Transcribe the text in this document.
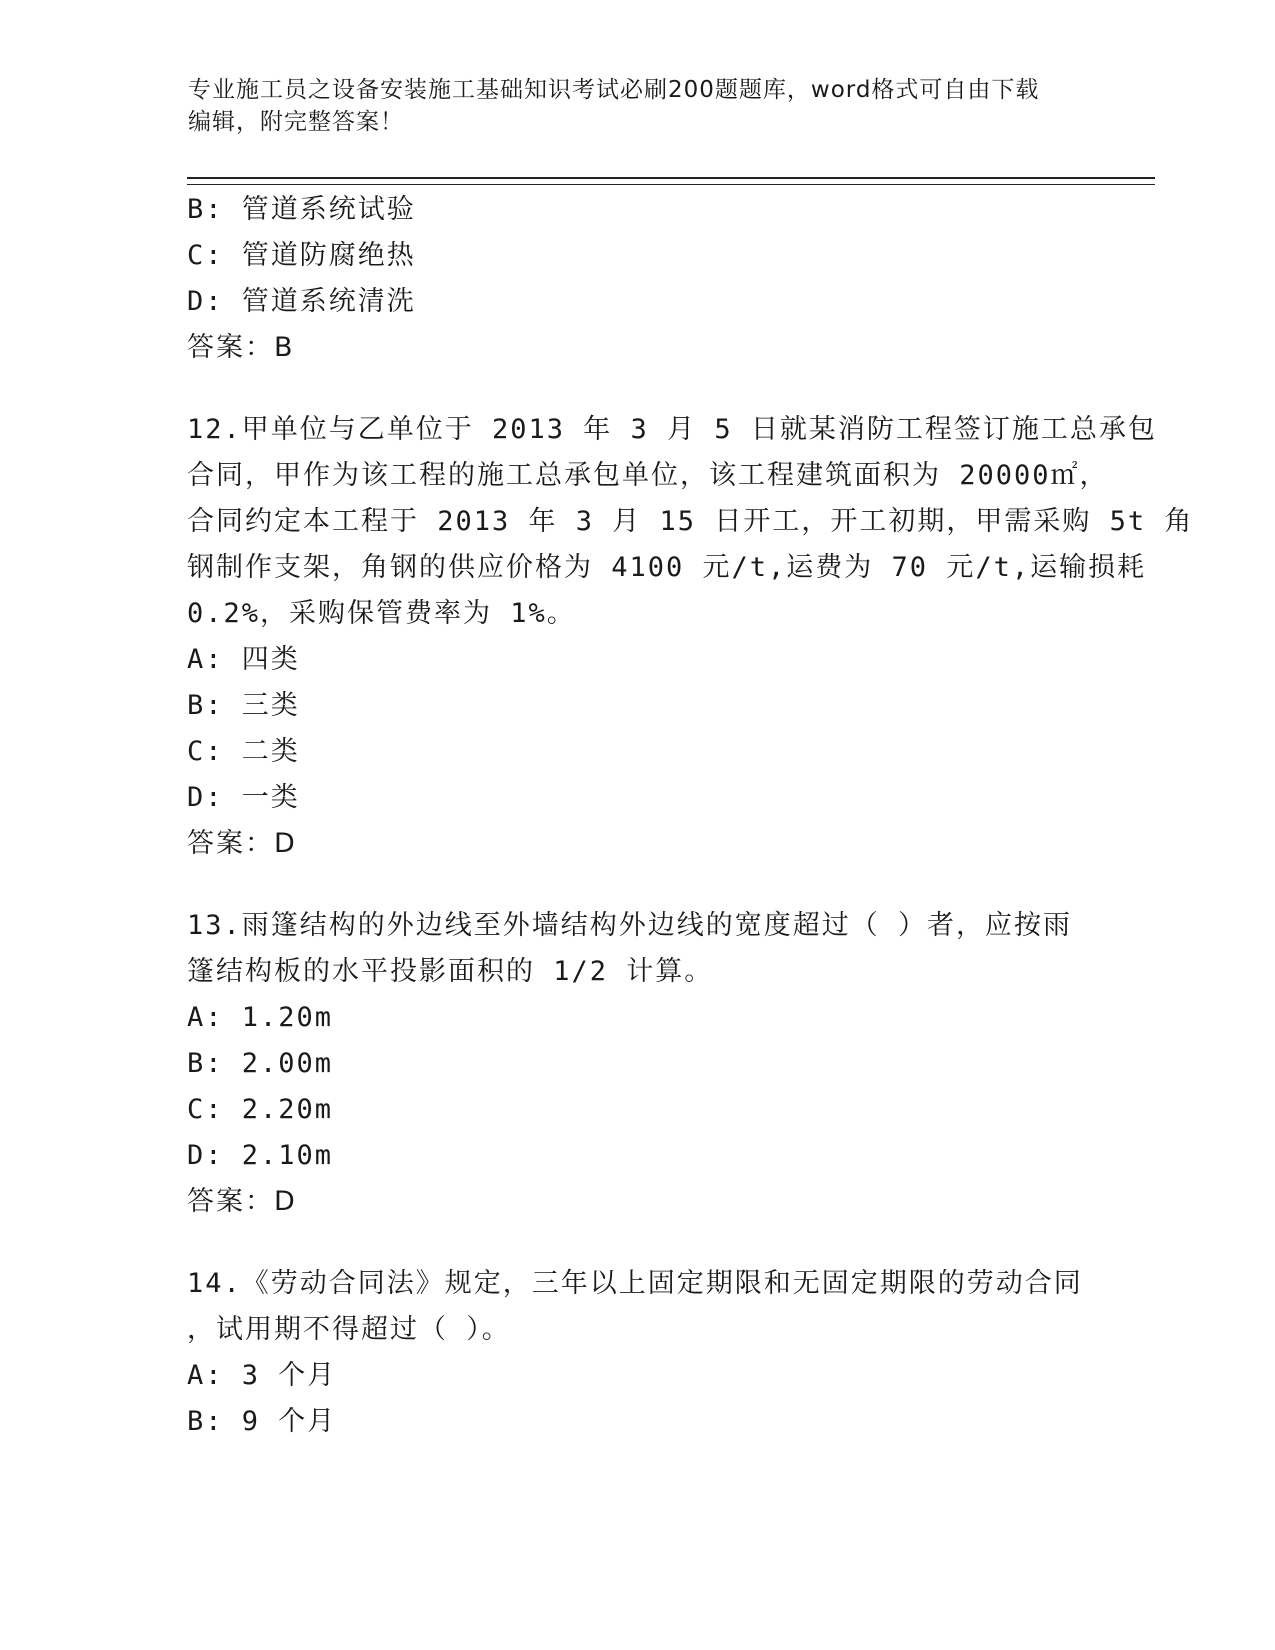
专业施工员之设备安装施工基础知识考试必刷200题题库，word格式可自由下载
编辑，附完整答案！
B: 管道系统试验
C: 管道防腐绝热
D: 管道系统清洗
答案：B
12.甲单位与乙单位于 2013 年 3 月 5 日就某消防工程签订施工总承包
合同，甲作为该工程的施工总承包单位，该工程建筑面积为 20000㎡，
合同约定本工程于 2013 年 3 月 15 日开工，开工初期，甲需采购 5t 角
钢制作支架，角钢的供应价格为 4100 元/t,运费为 70 元/t,运输损耗
0.2%，采购保管费率为 1%。
A: 四类
B: 三类
C: 二类
D: 一类
答案：D
13.雨篷结构的外边线至外墙结构外边线的宽度超过（ ）者，应按雨
篷结构板的水平投影面积的 1/2 计算。
A: 1.20m
B: 2.00m
C: 2.20m
D: 2.10m
答案：D
14.《劳动合同法》规定，三年以上固定期限和无固定期限的劳动合同
，试用期不得超过（ ）。
A: 3 个月
B: 9 个月
